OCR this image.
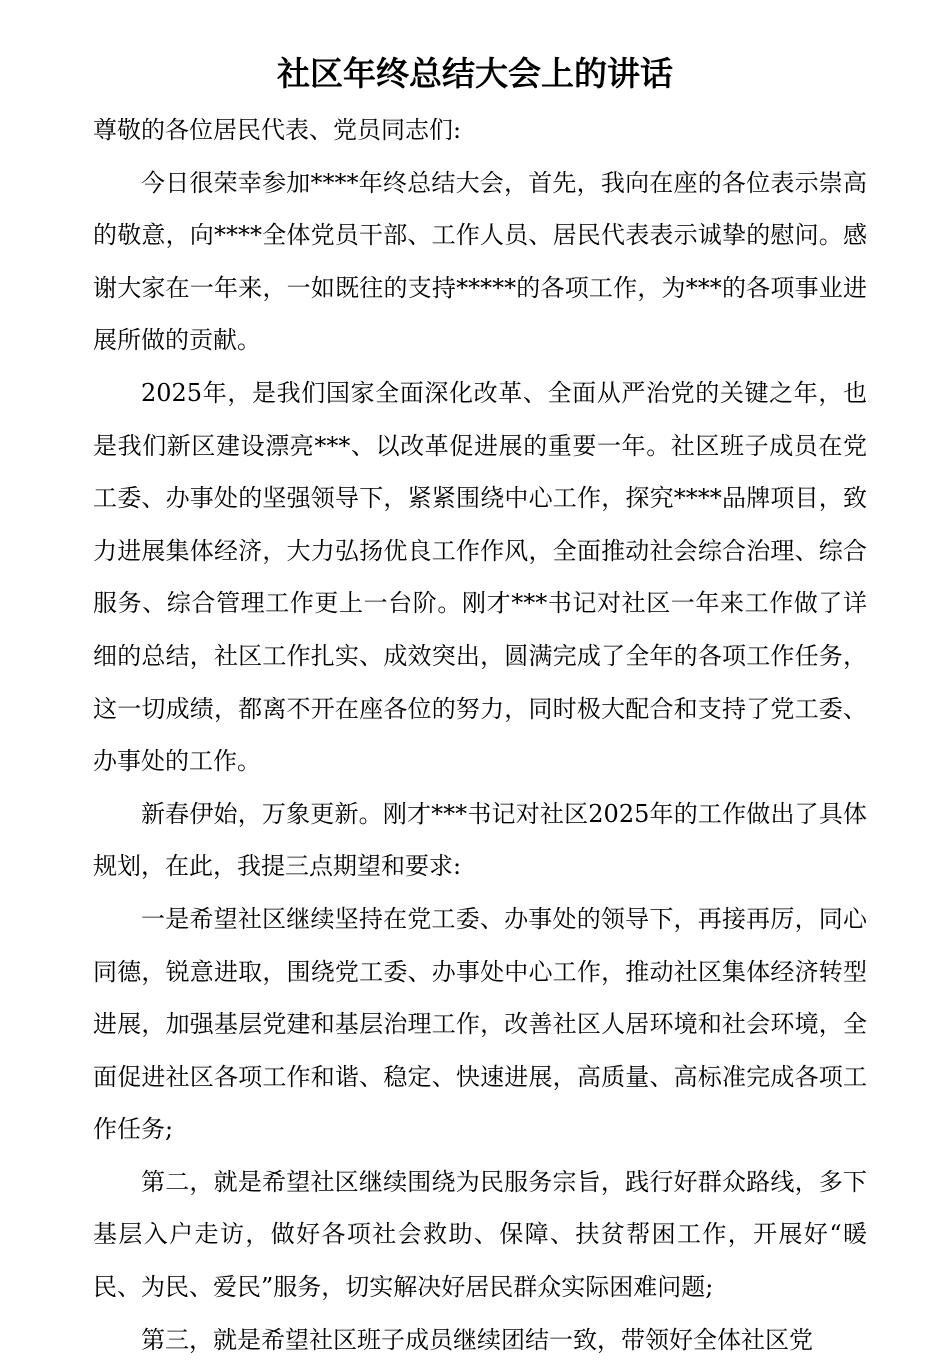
社区年终总结大会上的讲话

尊敬的各位居民代表、党员同志们:

今日很荣幸参加****年终总结大会，首先，我向在座的各位表示崇高的敬意，向****全体党员干部、工作人员、居民代表表示诚挚的慰问。感谢大家在一年来，一如既往的支持*****的各项工作，为***的各项事业进展所做的贡献。

2025年，是我们国家全面深化改革、全面从严治党的关键之年，也是我们新区建设漂亮***、以改革促进展的重要一年。社区班子成员在党工委、办事处的坚强领导下，紧紧围绕中心工作，探究****品牌项目，致力进展集体经济，大力弘扬优良工作作风，全面推动社会综合治理、综合服务、综合管理工作更上一台阶。刚才***书记对社区一年来工作做了详细的总结，社区工作扎实、成效突出，圆满完成了全年的各项工作任务，这一切成绩，都离不开在座各位的努力，同时极大配合和支持了党工委、办事处的工作。

新春伊始，万象更新。刚才***书记对社区2025年的工作做出了具体规划，在此，我提三点期望和要求:

一是希望社区继续坚持在党工委、办事处的领导下，再接再厉，同心同德，锐意进取，围绕党工委、办事处中心工作，推动社区集体经济转型进展，加强基层党建和基层治理工作，改善社区人居环境和社会环境，全面促进社区各项工作和谐、稳定、快速进展，高质量、高标准完成各项工作任务;

第二，就是希望社区继续围绕为民服务宗旨，践行好群众路线，多下基层入户走访，做好各项社会救助、保障、扶贫帮困工作，开展好“暖民、为民、爱民”服务，切实解决好居民群众实际困难问题;

第三，就是希望社区班子成员继续团结一致，带领好全体社区党
